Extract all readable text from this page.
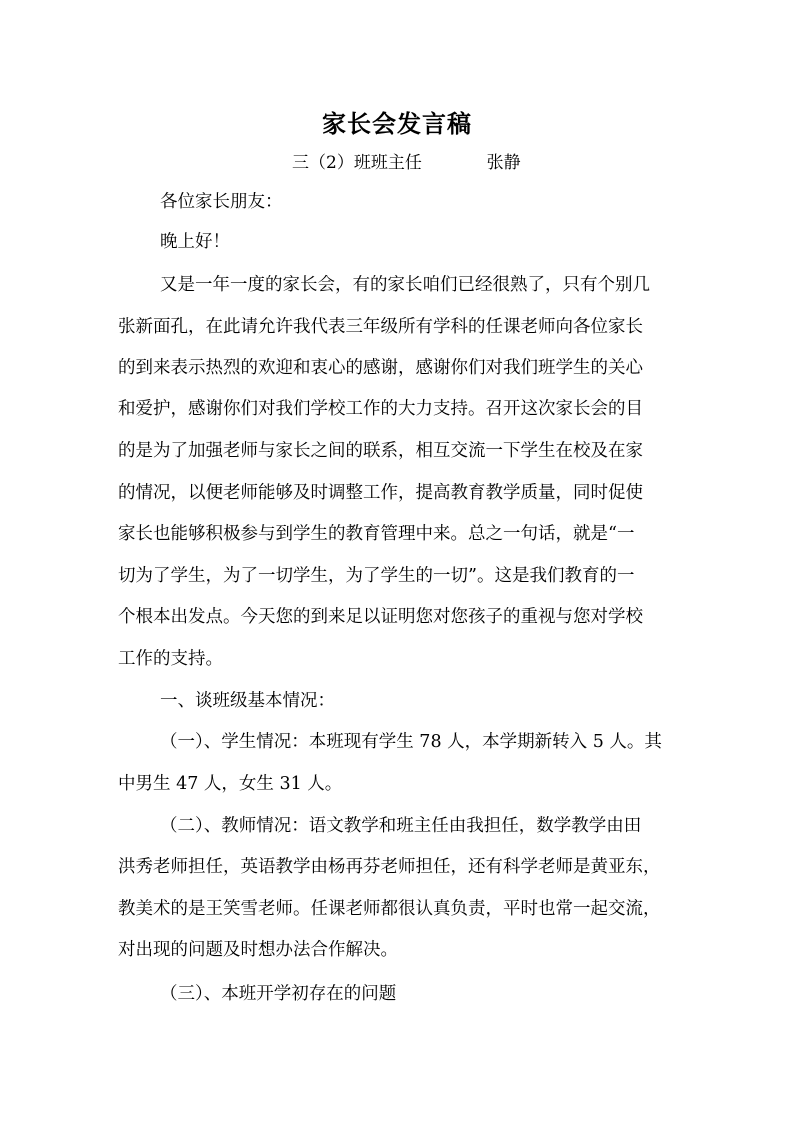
家长会发言稿
三（2）班班主任            张静
各位家长朋友：
晚上好！
又是一年一度的家长会，有的家长咱们已经很熟了，只有个别几
张新面孔，在此请允许我代表三年级所有学科的任课老师向各位家长
的到来表示热烈的欢迎和衷心的感谢，感谢你们对我们班学生的关心
和爱护，感谢你们对我们学校工作的大力支持。召开这次家长会的目
的是为了加强老师与家长之间的联系，相互交流一下学生在校及在家
的情况，以便老师能够及时调整工作，提高教育教学质量，同时促使
家长也能够积极参与到学生的教育管理中来。总之一句话，就是“一
切为了学生，为了一切学生，为了学生的一切”。这是我们教育的一
个根本出发点。今天您的到来足以证明您对您孩子的重视与您对学校
工作的支持。
一、谈班级基本情况：
（一）、学生情况：本班现有学生 78 人，本学期新转入 5 人。其
中男生 47 人，女生 31 人。
（二）、教师情况：语文教学和班主任由我担任，数学教学由田
洪秀老师担任，英语教学由杨再芬老师担任，还有科学老师是黄亚东，
教美术的是王笑雪老师。任课老师都很认真负责，平时也常一起交流，
对出现的问题及时想办法合作解决。
（三）、本班开学初存在的问题
